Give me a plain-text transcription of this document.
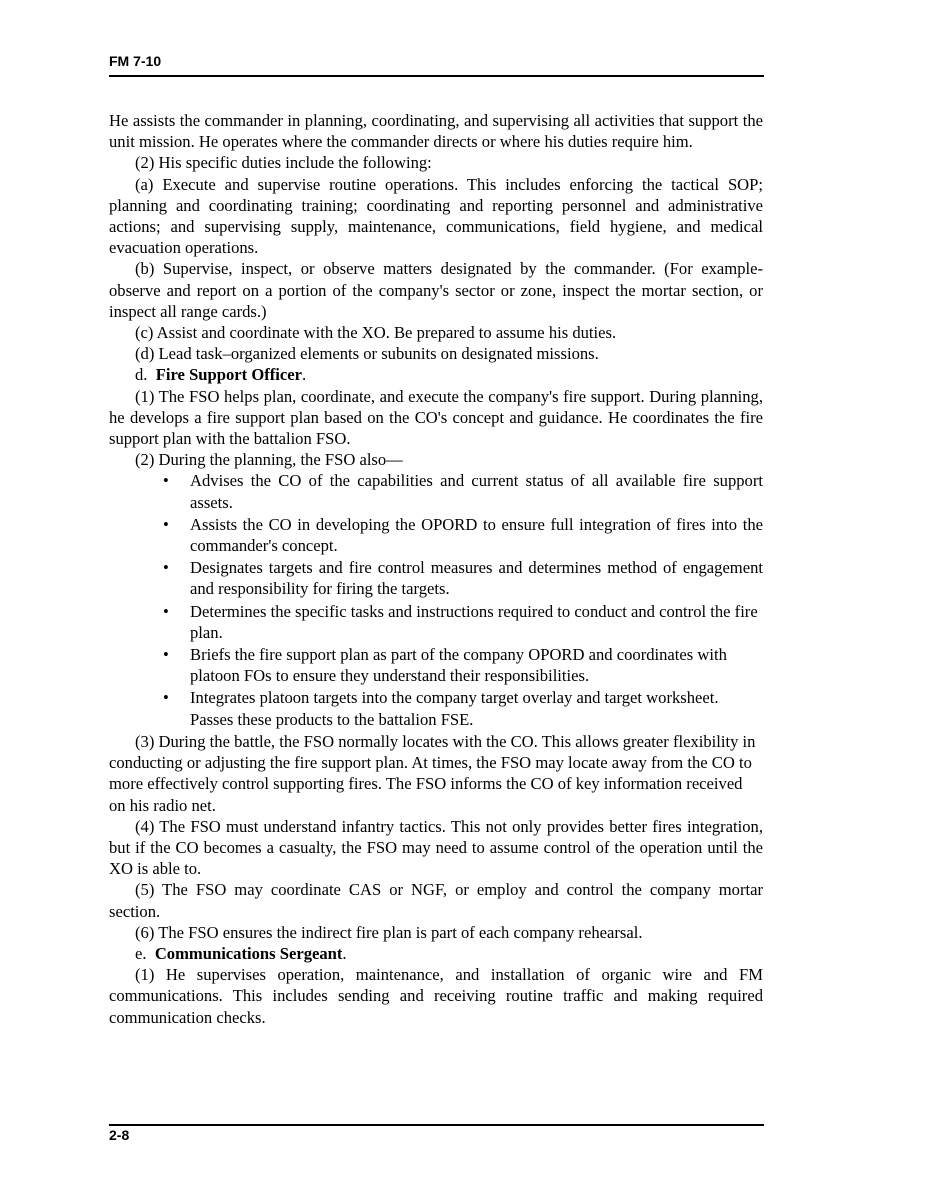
FM 7-10

He assists the commander in planning, coordinating, and supervising all activities that support the unit mission. He operates where the commander directs or where his duties require him.

(2) His specific duties include the following:

(a) Execute and supervise routine operations. This includes enforcing the tactical SOP; planning and coordinating training; coordinating and reporting personnel and administrative actions; and supervising supply, maintenance, communications, field hygiene, and medical evacuation operations.

(b) Supervise, inspect, or observe matters designated by the commander. (For example-observe and report on a portion of the company's sector or zone, inspect the mortar section, or inspect all range cards.)

(c) Assist and coordinate with the XO. Be prepared to assume his duties.

(d) Lead task–organized elements or subunits on designated missions.

d. Fire Support Officer.

(1) The FSO helps plan, coordinate, and execute the company's fire support. During planning, he develops a fire support plan based on the CO's concept and guidance. He coordinates the fire support plan with the battalion FSO.

(2) During the planning, the FSO also—

• Advises the CO of the capabilities and current status of all available fire support assets.
• Assists the CO in developing the OPORD to ensure full integration of fires into the commander's concept.
• Designates targets and fire control measures and determines method of engagement and responsibility for firing the targets.
• Determines the specific tasks and instructions required to conduct and control the fire plan.
• Briefs the fire support plan as part of the company OPORD and coordinates with platoon FOs to ensure they understand their responsibilities.
• Integrates platoon targets into the company target overlay and target worksheet. Passes these products to the battalion FSE.

(3) During the battle, the FSO normally locates with the CO. This allows greater flexibility in conducting or adjusting the fire support plan. At times, the FSO may locate away from the CO to more effectively control supporting fires. The FSO informs the CO of key information received on his radio net.

(4) The FSO must understand infantry tactics. This not only provides better fires integration, but if the CO becomes a casualty, the FSO may need to assume control of the operation until the XO is able to.

(5) The FSO may coordinate CAS or NGF, or employ and control the company mortar section.

(6) The FSO ensures the indirect fire plan is part of each company rehearsal.

e. Communications Sergeant.

(1) He supervises operation, maintenance, and installation of organic wire and FM communications. This includes sending and receiving routine traffic and making required communication checks.

2-8
